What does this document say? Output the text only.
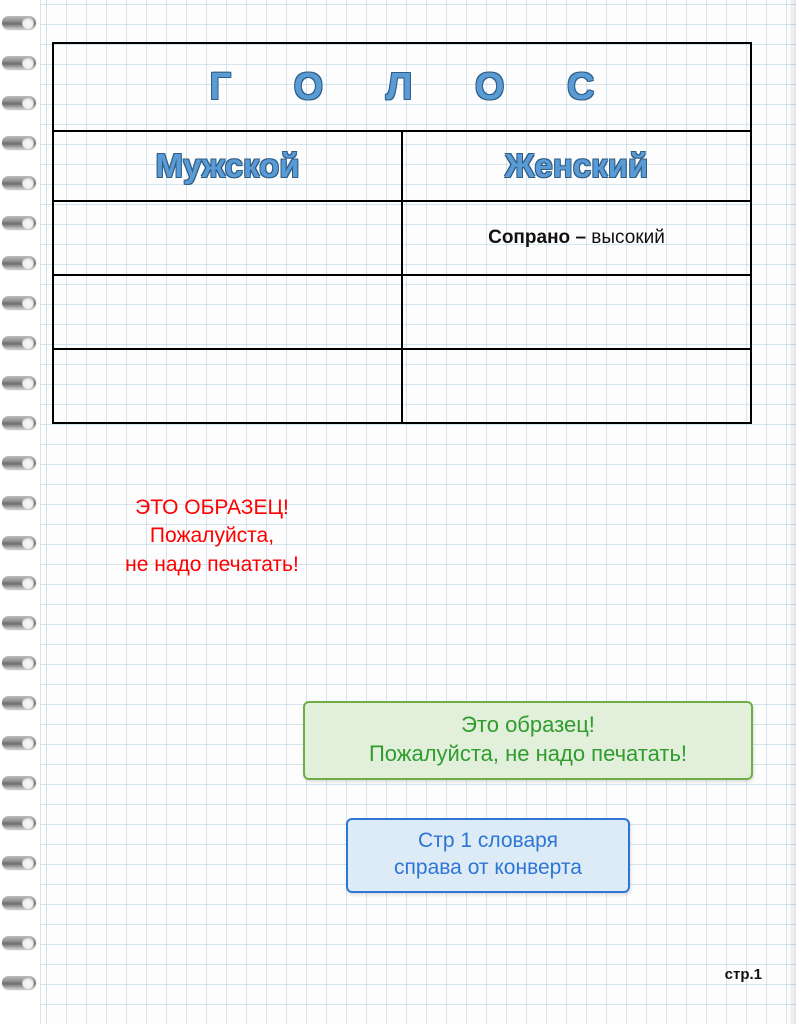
Г О Л О С	
Мужской	Женский
	Сопрано – высокий

ЭТО ОБРАЗЕЦ!
Пожалуйста,
не надо печатать!
Это образец!
Пожалуйста, не надо печатать!
Стр 1 словаря
справа от конверта
стр.1
